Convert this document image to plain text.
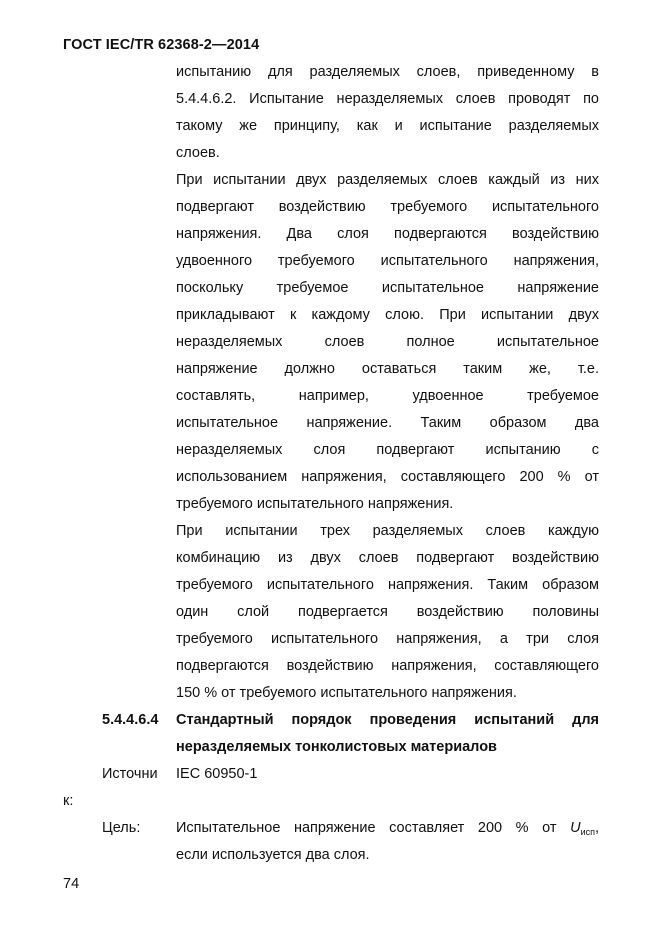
ГОСТ IEC/TR 62368-2—2014
испытанию для разделяемых слоев, приведенному в
5.4.4.6.2. Испытание неразделяемых слоев проводят по
такому же принципу, как и испытание разделяемых
слоев.
При испытании двух разделяемых слоев каждый из них
подвергают воздействию требуемого испытательного
напряжения. Два слоя подвергаются воздействию
удвоенного требуемого испытательного напряжения,
поскольку требуемое испытательное напряжение
прикладывают к каждому слою. При испытании двух
неразделяемых слоев полное испытательное
напряжение должно оставаться таким же, т.е.
составлять, например, удвоенное требуемое
испытательное напряжение. Таким образом два
неразделяемых слоя подвергают испытанию с
использованием напряжения, составляющего 200 % от
требуемого испытательного напряжения.
При испытании трех разделяемых слоев каждую
комбинацию из двух слоев подвергают воздействию
требуемого испытательного напряжения. Таким образом
один слой подвергается воздействию половины
требуемого испытательного напряжения, а три слоя
подвергаются воздействию напряжения, составляющего
150 % от требуемого испытательного напряжения.
Стандартный порядок проведения испытаний для
неразделяемых тонколистовых материалов
IEC 60950-1
Испытательное напряжение составляет 200 % от $U_{исп}$,
если используется два слоя.
5.4.4.6.4
Источни
к:
Цель:
74
